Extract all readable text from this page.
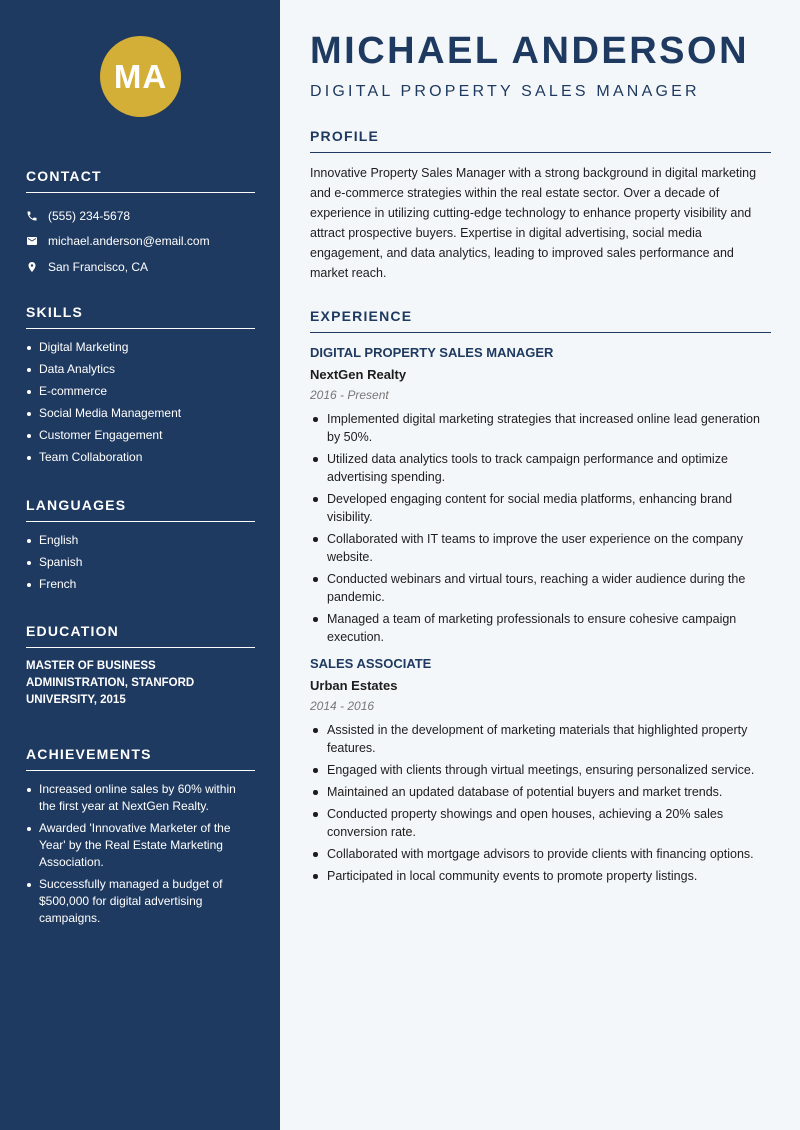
MA
CONTACT
(555) 234-5678
michael.anderson@email.com
San Francisco, CA
SKILLS
Digital Marketing
Data Analytics
E-commerce
Social Media Management
Customer Engagement
Team Collaboration
LANGUAGES
English
Spanish
French
EDUCATION

MASTER OF BUSINESS ADMINISTRATION, STANFORD UNIVERSITY, 2015

ACHIEVEMENTS
Increased online sales by 60% within the first year at NextGen Realty.
Awarded 'Innovative Marketer of the Year' by the Real Estate Marketing Association.
Successfully managed a budget of $500,000 for digital advertising campaigns.
MICHAEL ANDERSON
DIGITAL PROPERTY SALES MANAGER
PROFILE

Innovative Property Sales Manager with a strong background in digital marketing and e-commerce strategies within the real estate sector. Over a decade of experience in utilizing cutting-edge technology to enhance property visibility and attract prospective buyers. Expertise in digital advertising, social media engagement, and data analytics, leading to improved sales performance and market reach.

EXPERIENCE
DIGITAL PROPERTY SALES MANAGER
NextGen Realty
2016 - Present
Implemented digital marketing strategies that increased online lead generation by 50%.
Utilized data analytics tools to track campaign performance and optimize advertising spending.
Developed engaging content for social media platforms, enhancing brand visibility.
Collaborated with IT teams to improve the user experience on the company website.
Conducted webinars and virtual tours, reaching a wider audience during the pandemic.
Managed a team of marketing professionals to ensure cohesive campaign execution.
SALES ASSOCIATE
Urban Estates
2014 - 2016
Assisted in the development of marketing materials that highlighted property features.
Engaged with clients through virtual meetings, ensuring personalized service.
Maintained an updated database of potential buyers and market trends.
Conducted property showings and open houses, achieving a 20% sales conversion rate.
Collaborated with mortgage advisors to provide clients with financing options.
Participated in local community events to promote property listings.
